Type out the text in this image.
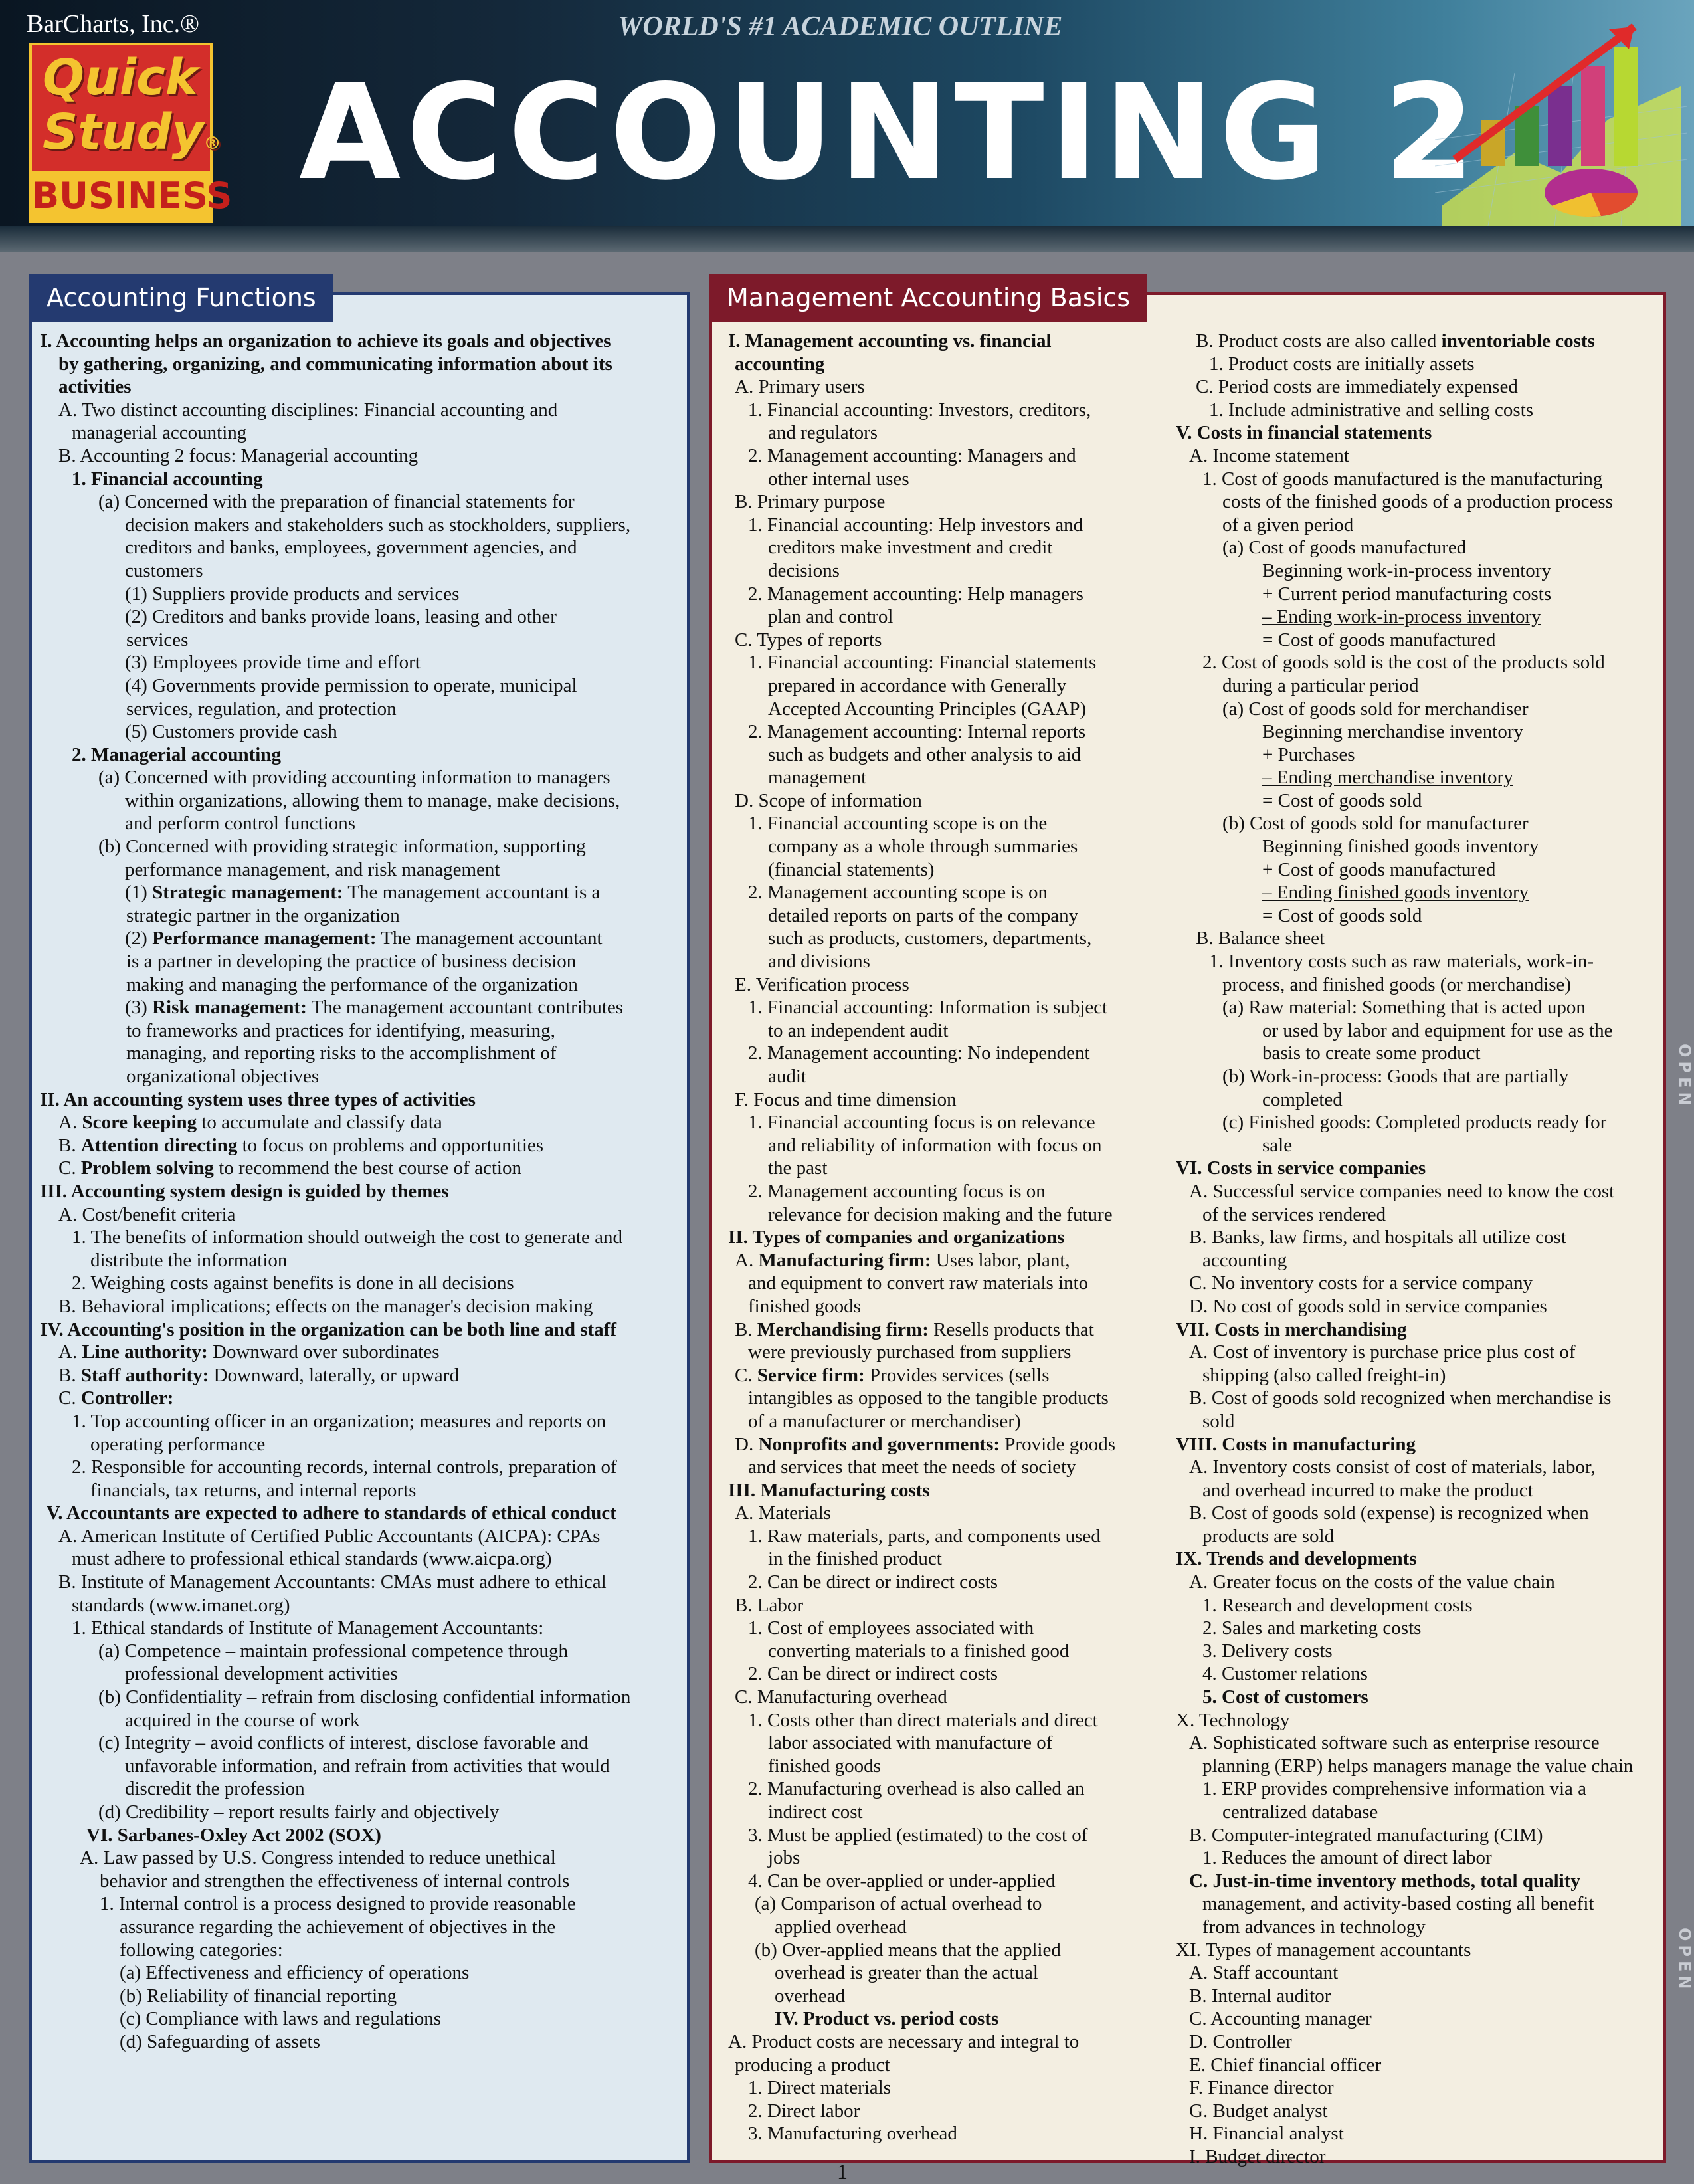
BarCharts, Inc.®
Quick
Study®
BUSINESS
WORLD'S #1 ACADEMIC OUTLINE
ACCOUNTING 2
Accounting Functions	Management Accounting Basics
I. Accounting helps an organization to achieve its goals and objectives
by gathering, organizing, and communicating information about its
activities
A. Two distinct accounting disciplines: Financial accounting and
managerial accounting
B. Accounting 2 focus: Managerial accounting
1. Financial accounting
(a) Concerned with the preparation of financial statements for
decision makers and stakeholders such as stockholders, suppliers,
creditors and banks, employees, government agencies, and
customers
(1) Suppliers provide products and services
(2) Creditors and banks provide loans, leasing and other
services
(3) Employees provide time and effort
(4) Governments provide permission to operate, municipal
services, regulation, and protection
(5) Customers provide cash
2. Managerial accounting
(a) Concerned with providing accounting information to managers
within organizations, allowing them to manage, make decisions,
and perform control functions
(b) Concerned with providing strategic information, supporting
performance management, and risk management
(1) Strategic management: The management accountant is a
strategic partner in the organization
(2) Performance management: The management accountant
is a partner in developing the practice of business decision
making and managing the performance of the organization
(3) Risk management: The management accountant contributes
to frameworks and practices for identifying, measuring,
managing, and reporting risks to the accomplishment of
organizational objectives
II. An accounting system uses three types of activities
A. Score keeping to accumulate and classify data
B. Attention directing to focus on problems and opportunities
C. Problem solving to recommend the best course of action
III. Accounting system design is guided by themes
A. Cost/benefit criteria
1. The benefits of information should outweigh the cost to generate and
distribute the information
2. Weighing costs against benefits is done in all decisions
B. Behavioral implications; effects on the manager's decision making
IV. Accounting's position in the organization can be both line and staff
A. Line authority: Downward over subordinates
B. Staff authority: Downward, laterally, or upward
C. Controller:
1. Top accounting officer in an organization; measures and reports on
operating performance
2. Responsible for accounting records, internal controls, preparation of
financials, tax returns, and internal reports
V. Accountants are expected to adhere to standards of ethical conduct
A. American Institute of Certified Public Accountants (AICPA): CPAs
must adhere to professional ethical standards (www.aicpa.org)
B. Institute of Management Accountants: CMAs must adhere to ethical
standards (www.imanet.org)
1. Ethical standards of Institute of Management Accountants:
(a) Competence – maintain professional competence through
professional development activities
(b) Confidentiality – refrain from disclosing confidential information
acquired in the course of work
(c) Integrity – avoid conflicts of interest, disclose favorable and
unfavorable information, and refrain from activities that would
discredit the profession
(d) Credibility – report results fairly and objectively
VI. Sarbanes-Oxley Act 2002 (SOX)
A. Law passed by U.S. Congress intended to reduce unethical
behavior and strengthen the effectiveness of internal controls
1. Internal control is a process designed to provide reasonable
assurance regarding the achievement of objectives in the
following categories:
(a) Effectiveness and efficiency of operations
(b) Reliability of financial reporting
(c) Compliance with laws and regulations
(d) Safeguarding of assets
I. Management accounting vs. financial
accounting
A. Primary users
1. Financial accounting: Investors, creditors,
and regulators
2. Management accounting: Managers and
other internal uses
B. Primary purpose
1. Financial accounting: Help investors and
creditors make investment and credit
decisions
2. Management accounting: Help managers
plan and control
C. Types of reports
1. Financial accounting: Financial statements
prepared in accordance with Generally
Accepted Accounting Principles (GAAP)
2. Management accounting: Internal reports
such as budgets and other analysis to aid
management
D. Scope of information
1. Financial accounting scope is on the
company as a whole through summaries
(financial statements)
2. Management accounting scope is on
detailed reports on parts of the company
such as products, customers, departments,
and divisions
E. Verification process
1. Financial accounting: Information is subject
to an independent audit
2. Management accounting: No independent
audit
F. Focus and time dimension
1. Financial accounting focus is on relevance
and reliability of information with focus on
the past
2. Management accounting focus is on
relevance for decision making and the future
II. Types of companies and organizations
A. Manufacturing firm: Uses labor, plant,
and equipment to convert raw materials into
finished goods
B. Merchandising firm: Resells products that
were previously purchased from suppliers
C. Service firm: Provides services (sells
intangibles as opposed to the tangible products
of a manufacturer or merchandiser)
D. Nonprofits and governments: Provide goods
and services that meet the needs of society
III. Manufacturing costs
A. Materials
1. Raw materials, parts, and components used
in the finished product
2. Can be direct or indirect costs
B. Labor
1. Cost of employees associated with
converting materials to a finished good
2. Can be direct or indirect costs
C. Manufacturing overhead
1. Costs other than direct materials and direct
labor associated with manufacture of
finished goods
2. Manufacturing overhead is also called an
indirect cost
3. Must be applied (estimated) to the cost of
jobs
4. Can be over-applied or under-applied
(a) Comparison of actual overhead to
applied overhead
(b) Over-applied means that the applied
overhead is greater than the actual
overhead
IV. Product vs. period costs
A. Product costs are necessary and integral to
producing a product
1. Direct materials
2. Direct labor
3. Manufacturing overhead
B. Product costs are also called inventoriable costs
1. Product costs are initially assets
C. Period costs are immediately expensed
1. Include administrative and selling costs
V. Costs in financial statements
A. Income statement
1. Cost of goods manufactured is the manufacturing
costs of the finished goods of a production process
of a given period
(a) Cost of goods manufactured
Beginning work-in-process inventory
+ Current period manufacturing costs
– Ending work-in-process inventory
= Cost of goods manufactured
2. Cost of goods sold is the cost of the products sold
during a particular period
(a) Cost of goods sold for merchandiser
Beginning merchandise inventory
+ Purchases
– Ending merchandise inventory
= Cost of goods sold
(b) Cost of goods sold for manufacturer
Beginning finished goods inventory
+ Cost of goods manufactured
– Ending finished goods inventory
= Cost of goods sold
B. Balance sheet
1. Inventory costs such as raw materials, work-in-
process, and finished goods (or merchandise)
(a) Raw material: Something that is acted upon
or used by labor and equipment for use as the
basis to create some product
(b) Work-in-process: Goods that are partially
completed
(c) Finished goods: Completed products ready for
sale
VI. Costs in service companies
A. Successful service companies need to know the cost
of the services rendered
B. Banks, law firms, and hospitals all utilize cost
accounting
C. No inventory costs for a service company
D. No cost of goods sold in service companies
VII. Costs in merchandising
A. Cost of inventory is purchase price plus cost of
shipping (also called freight-in)
B. Cost of goods sold recognized when merchandise is
sold
VIII. Costs in manufacturing
A. Inventory costs consist of cost of materials, labor,
and overhead incurred to make the product
B. Cost of goods sold (expense) is recognized when
products are sold
IX. Trends and developments
A. Greater focus on the costs of the value chain
1. Research and development costs
2. Sales and marketing costs
3. Delivery costs
4. Customer relations
5. Cost of customers
X. Technology
A. Sophisticated software such as enterprise resource
planning (ERP) helps managers manage the value chain
1. ERP provides comprehensive information via a
centralized database
B. Computer-integrated manufacturing (CIM)
1. Reduces the amount of direct labor
C. Just-in-time inventory methods, total quality
management, and activity-based costing all benefit
from advances in technology
XI. Types of management accountants
A. Staff accountant
B. Internal auditor
C. Accounting manager
D. Controller
E. Chief financial officer
F. Finance director
G. Budget analyst
H. Financial analyst
I. Budget director
OPEN
OPEN
1
